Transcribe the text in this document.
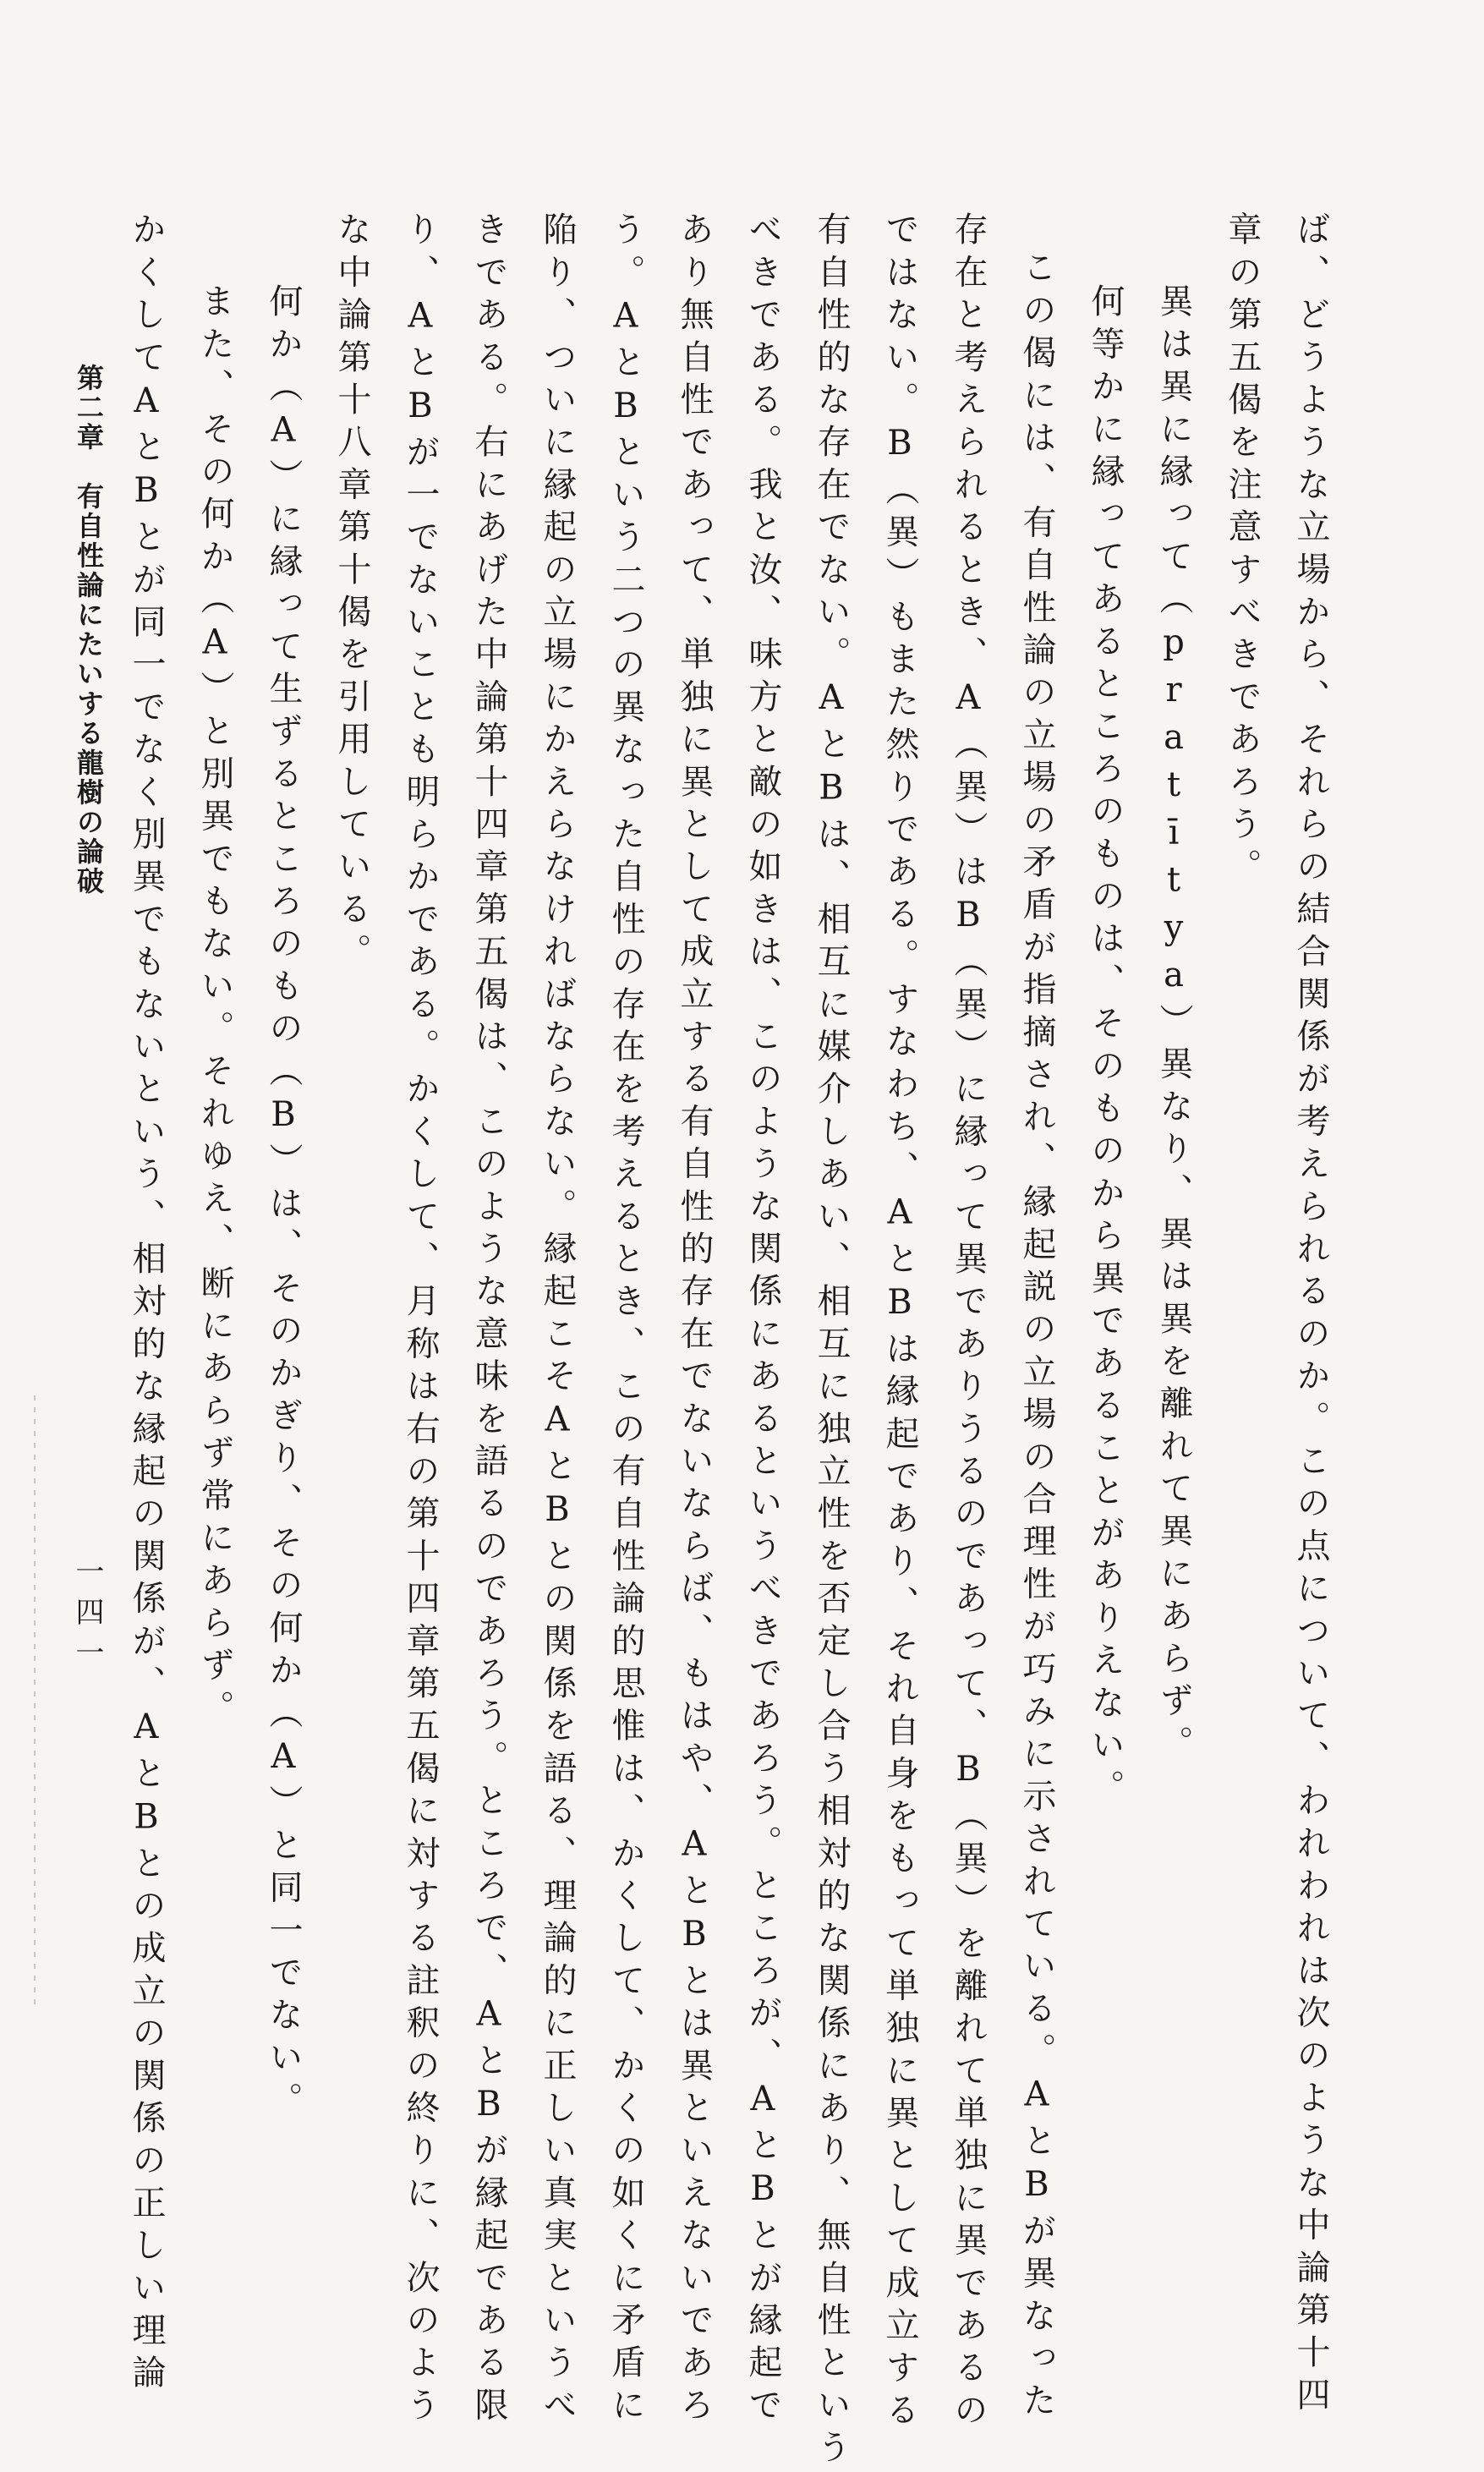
ば、どうような立場から、それらの結合関係が考えられるのか。この点について、われわれは次のような中論第十四
章の第五偈を注意すべきであろう。
異は異に縁って（pratītya）異なり、異は異を離れて異にあらず。
何等かに縁ってあるところのものは、そのものから異であることがありえない。
この偈には、有自性論の立場の矛盾が指摘され、縁起説の立場の合理性が巧みに示されている。AとBが異なった
存在と考えられるとき、A（異）はB（異）に縁って異でありうるのであって、B（異）を離れて単独に異であるの
ではない。B（異）もまた然りである。すなわち、AとBは縁起であり、それ自身をもって単独に異として成立する
有自性的な存在でない。AとBは、相互に媒介しあい、相互に独立性を否定し合う相対的な関係にあり、無自性という
べきである。我と汝、味方と敵の如きは、このような関係にあるというべきであろう。ところが、AとBとが縁起で
あり無自性であって、単独に異として成立する有自性的存在でないならば、もはや、AとBとは異といえないであろ
う。AとBという二つの異なった自性の存在を考えるとき、この有自性論的思惟は、かくして、かくの如くに矛盾に
陥り、ついに縁起の立場にかえらなければならない。縁起こそAとBとの関係を語る、理論的に正しい真実というべ
きである。右にあげた中論第十四章第五偈は、このような意味を語るのであろう。ところで、AとBが縁起である限
り、AとBが一でないことも明らかである。かくして、月称は右の第十四章第五偈に対する註釈の終りに、次のよう
な中論第十八章第十偈を引用している。
何か（A）に縁って生ずるところのもの（B）は、そのかぎり、その何か（A）と同一でない。
また、その何か（A）と別異でもない。それゆえ、断にあらず常にあらず。
かくしてAとBとが同一でなく別異でもないという、相対的な縁起の関係が、AとBとの成立の関係の正しい理論
第二章　有自性論にたいする龍樹の論破
一四一
